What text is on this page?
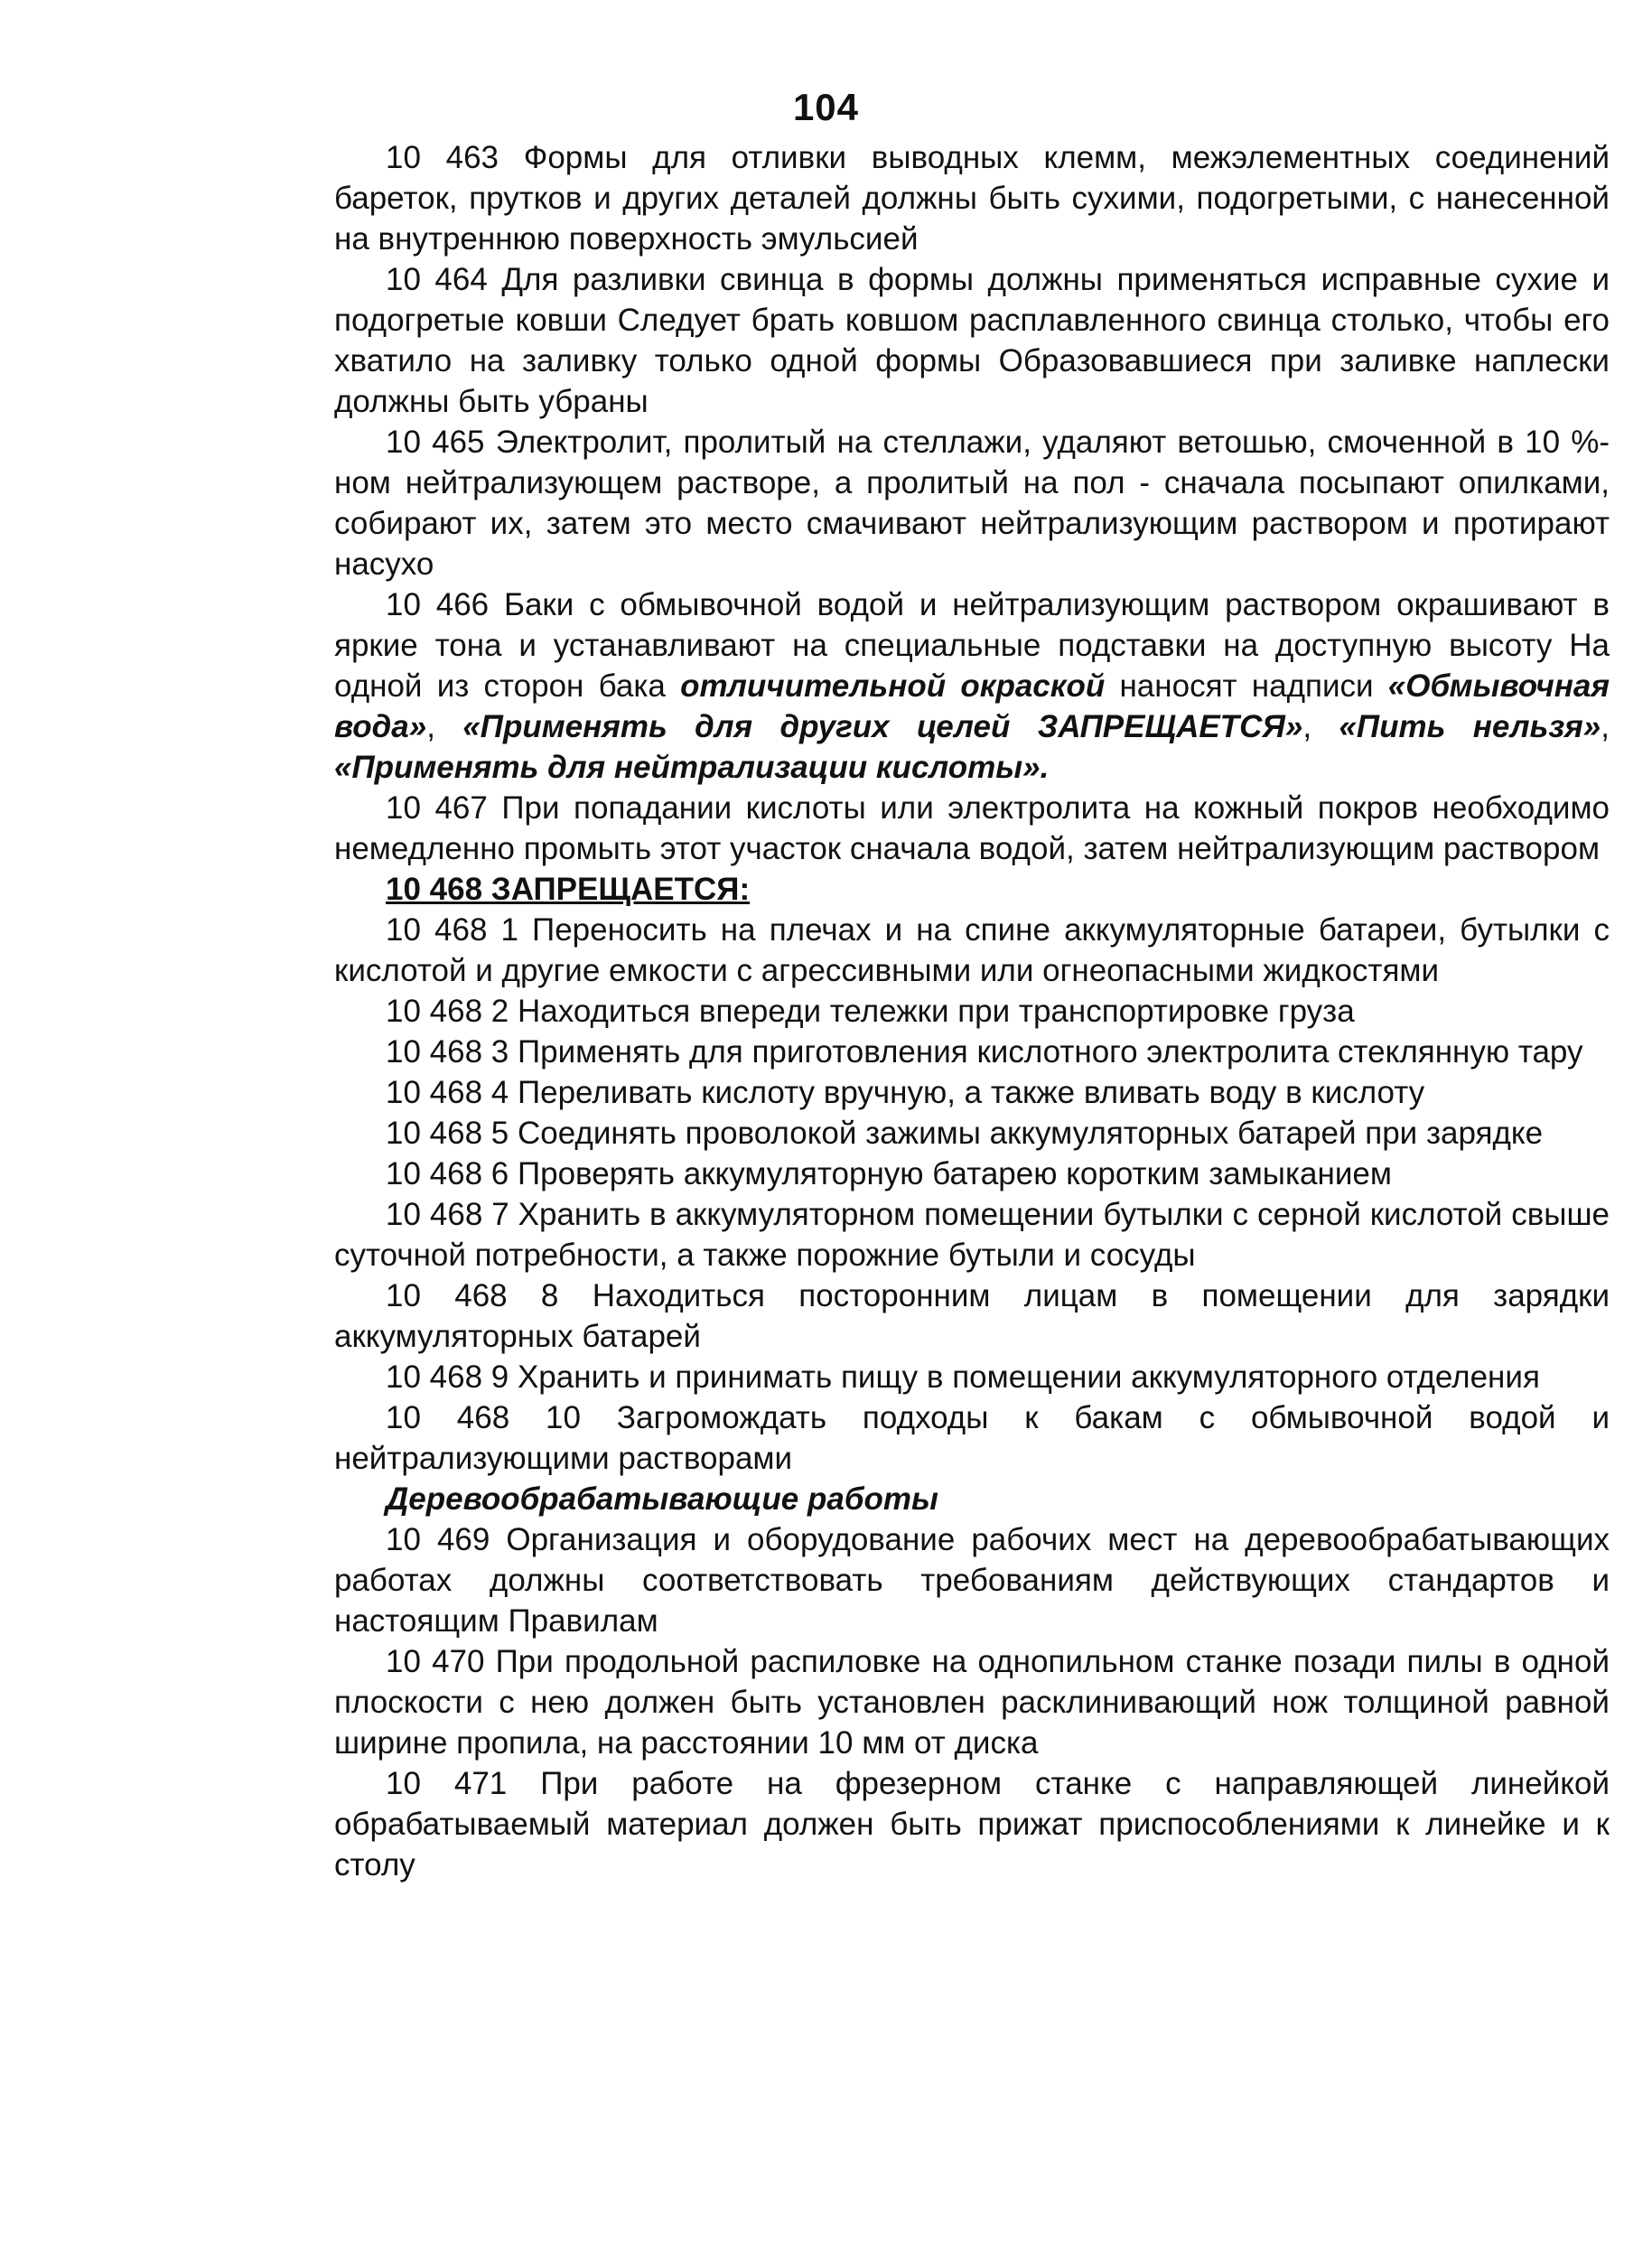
104

10 463 Формы для отливки выводных клемм, межэлементных соединений бареток, прутков и других деталей должны быть сухими, подогретыми, с нанесенной на внутреннюю поверхность эмульсией

10 464 Для разливки свинца в формы должны применяться исправные сухие и подогретые ковши Следует брать ковшом расплавленного свинца столько, чтобы его хватило на заливку только одной формы Образовавшиеся при заливке наплески должны быть убраны

10 465 Электролит, пролитый на стеллажи, удаляют ветошью, смоченной в 10 %-ном нейтрализующем растворе, а пролитый на пол - сначала посыпают опилками, собирают их, затем это место смачивают нейтрализующим раствором и протирают насухо

10 466 Баки с обмывочной водой и нейтрализующим раствором окрашивают в яркие тона и устанавливают на специальные подставки на доступную высоту На одной из сторон бака отличительной окраской наносят надписи «Обмывочная вода», «Применять для других целей ЗАПРЕЩАЕТСЯ», «Пить нельзя», «Применять для нейтрализации кислоты».

10 467 При попадании кислоты или электролита на кожный покров необходимо немедленно промыть этот участок сначала водой, затем нейтрализующим раствором

10 468 ЗАПРЕЩАЕТСЯ:

10 468 1 Переносить на плечах и на спине аккумуляторные батареи, бутылки с кислотой и другие емкости с агрессивными или огнеопасными жидкостями

10 468 2 Находиться впереди тележки при транспортировке груза

10 468 3 Применять для приготовления кислотного электролита стеклянную тару

10 468 4 Переливать кислоту вручную, а также вливать воду в кислоту

10 468 5 Соединять проволокой зажимы аккумуляторных батарей при зарядке

10 468 6 Проверять аккумуляторную батарею коротким замыканием

10 468 7 Хранить в аккумуляторном помещении бутылки с серной кислотой свыше суточной потребности, а также порожние бутыли и сосуды

10 468 8 Находиться посторонним лицам в помещении для зарядки аккумуляторных батарей

10 468 9 Хранить и принимать пищу в помещении аккумуляторного отделения

10 468 10 Загромождать подходы к бакам с обмывочной водой и нейтрализующими растворами

Деревообрабатывающие работы

10 469 Организация и оборудование рабочих мест на деревообрабатывающих работах должны соответствовать требованиям действующих стандартов и настоящим Правилам

10 470 При продольной распиловке на однопильном станке позади пилы в одной плоскости с нею должен быть установлен расклинивающий нож толщиной равной ширине пропила, на расстоянии 10 мм от диска

10 471 При работе на фрезерном станке с направляющей линейкой обрабатываемый материал должен быть прижат приспособлениями к линейке и к столу
